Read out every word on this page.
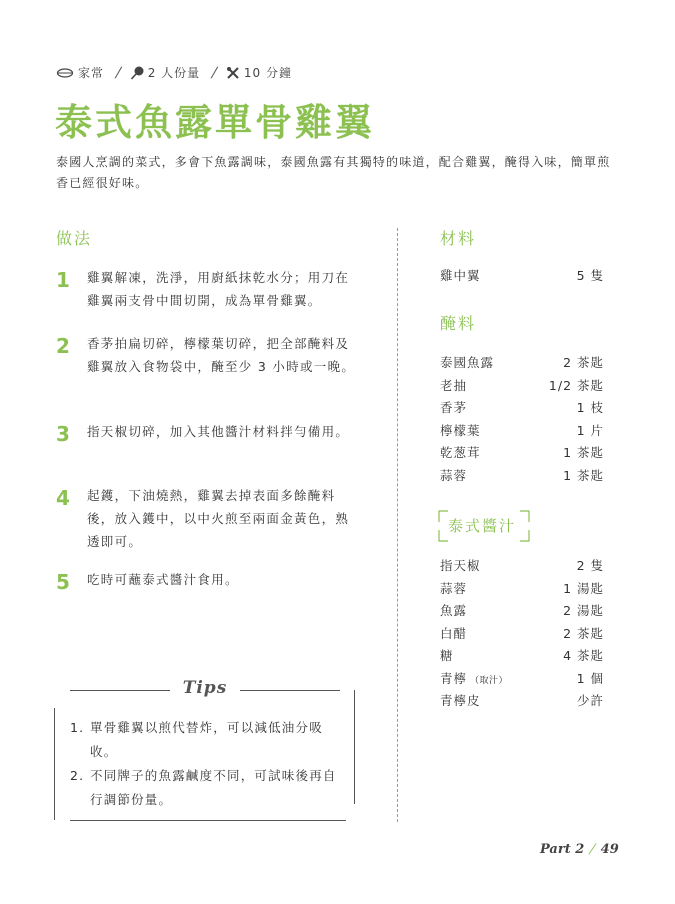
家常 / 2 人份量 / 10 分鐘
泰式魚露單骨雞翼
泰國人烹調的菜式，多會下魚露調味，泰國魚露有其獨特的味道，配合雞翼，醃得入味，簡單煎香已經很好味。
做法
1 雞翼解凍，洗淨，用廚紙抹乾水分；用刀在雞翼兩支骨中間切開，成為單骨雞翼。
2 香茅拍扁切碎，檸檬葉切碎，把全部醃料及雞翼放入食物袋中，醃至少 3 小時或一晚。
3 指天椒切碎，加入其他醬汁材料拌勻備用。
4 起鑊，下油燒熱，雞翼去掉表面多餘醃料後，放入鑊中，以中火煎至兩面金黃色，熟透即可。
5 吃時可蘸泰式醬汁食用。
Tips
1. 單骨雞翼以煎代替炸，可以減低油分吸收。
2. 不同牌子的魚露鹹度不同，可試味後再自行調節份量。
材料
雞中翼	5 隻
醃料
泰國魚露	2 茶匙
老抽	1/2 茶匙
香茅	1 枝
檸檬葉	1 片
乾葱茸	1 茶匙
蒜蓉	1 茶匙
泰式醬汁
指天椒	2 隻
蒜蓉	1 湯匙
魚露	2 湯匙
白醋	2 茶匙
糖	4 茶匙
青檸 （取汁）	1 個
青檸皮	少許
Part 2 / 49
